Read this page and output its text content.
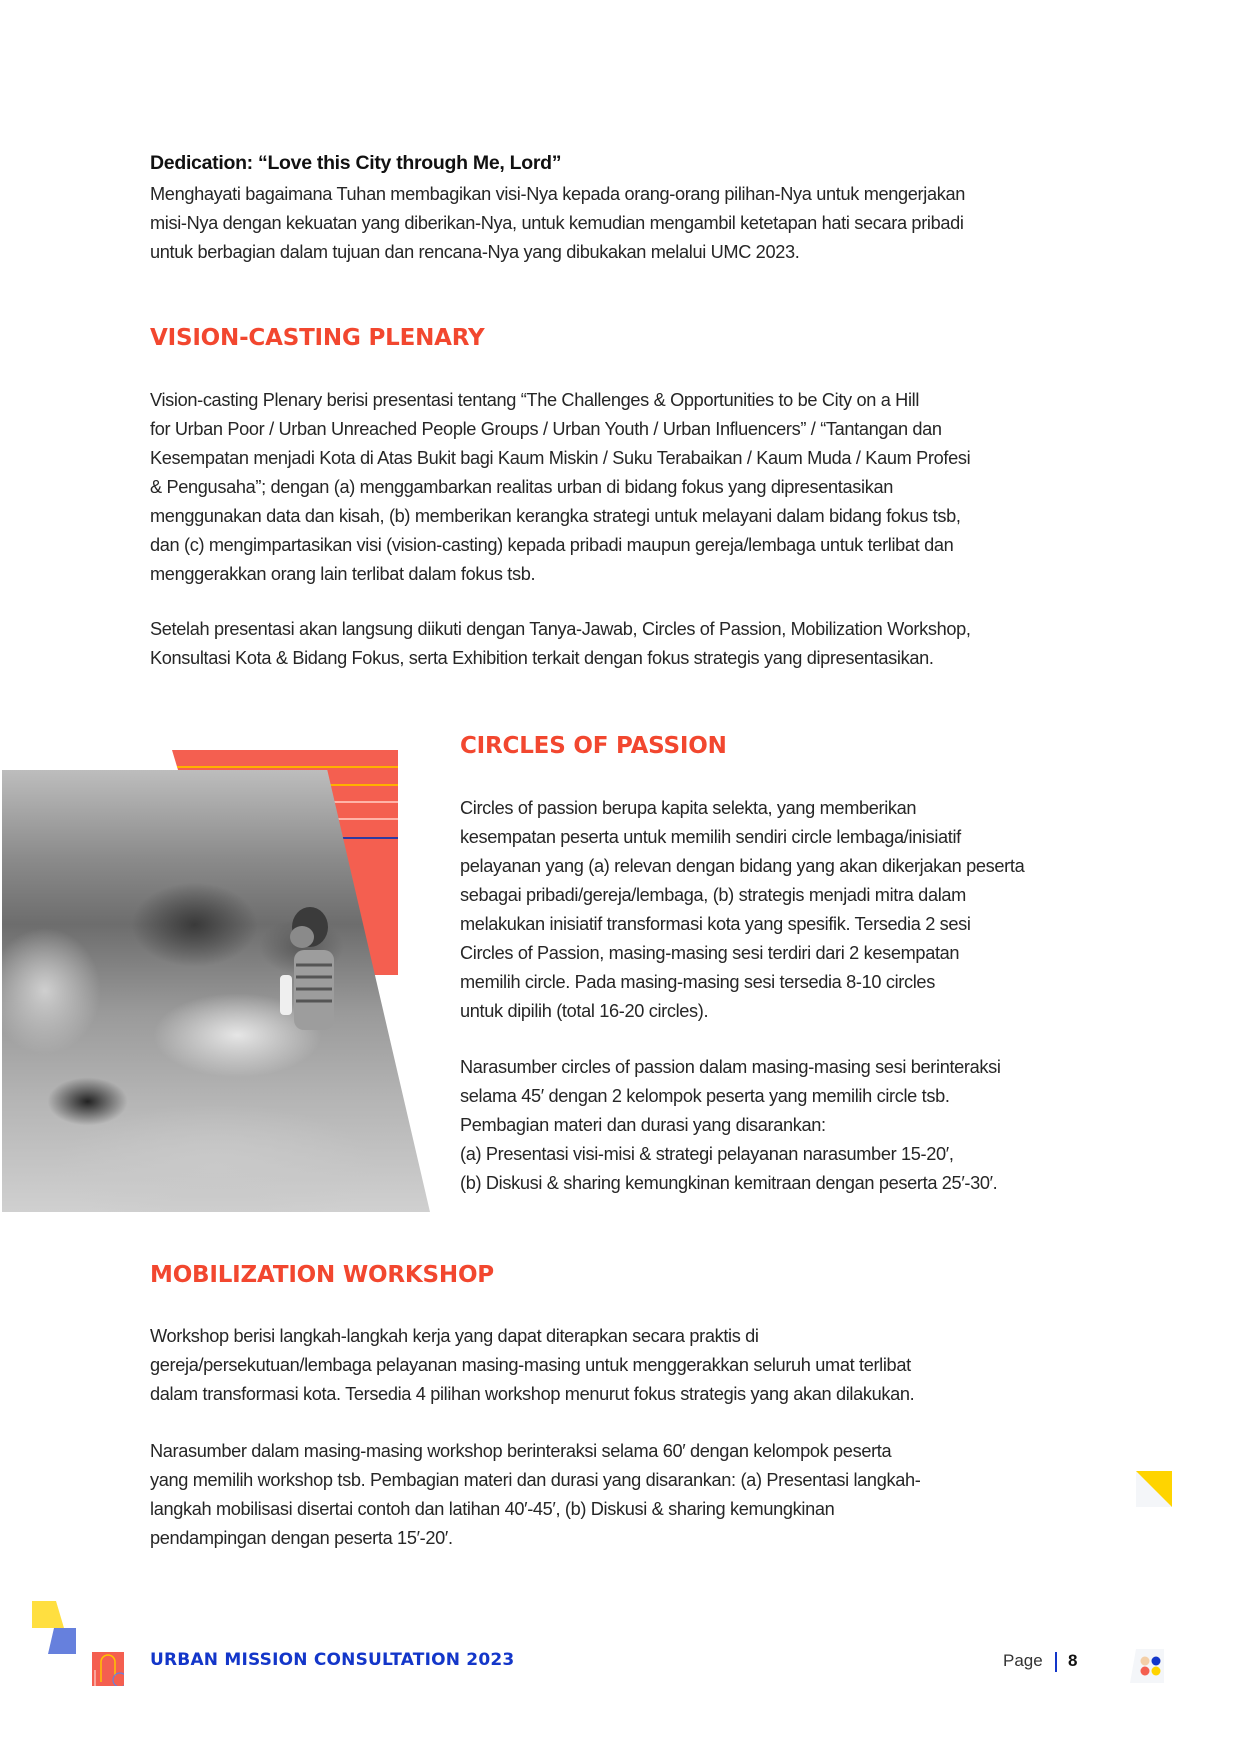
Dedication: “Love this City through Me, Lord”

Menghayati bagaimana Tuhan membagikan visi-Nya kepada orang-orang pilihan-Nya untuk mengerjakan
misi-Nya dengan kekuatan yang diberikan-Nya, untuk kemudian mengambil ketetapan hati secara pribadi
untuk berbagian dalam tujuan dan rencana-Nya yang dibukakan melalui UMC 2023.

VISION-CASTING PLENARY

Vision-casting Plenary berisi presentasi tentang “The Challenges & Opportunities to be City on a Hill
for Urban Poor / Urban Unreached People Groups / Urban Youth / Urban Influencers” / “Tantangan dan
Kesempatan menjadi Kota di Atas Bukit bagi Kaum Miskin / Suku Terabaikan / Kaum Muda / Kaum Profesi
& Pengusaha”; dengan (a) menggambarkan realitas urban di bidang fokus yang dipresentasikan
menggunakan data dan kisah, (b) memberikan kerangka strategi untuk melayani dalam bidang fokus tsb,
dan (c) mengimpartasikan visi (vision-casting) kepada pribadi maupun gereja/lembaga untuk terlibat dan
menggerakkan orang lain terlibat dalam fokus tsb.

Setelah presentasi akan langsung diikuti dengan Tanya-Jawab, Circles of Passion, Mobilization Workshop,
Konsultasi Kota & Bidang Fokus, serta Exhibition terkait dengan fokus strategis yang dipresentasikan.

CIRCLES OF PASSION

Circles of passion berupa kapita selekta, yang memberikan
kesempatan peserta untuk memilih sendiri circle lembaga/inisiatif
pelayanan yang (a) relevan dengan bidang yang akan dikerjakan peserta
sebagai pribadi/gereja/lembaga, (b) strategis menjadi mitra dalam
melakukan inisiatif transformasi kota yang spesifik. Tersedia 2 sesi
Circles of Passion, masing-masing sesi terdiri dari 2 kesempatan
memilih circle. Pada masing-masing sesi tersedia 8-10 circles
untuk dipilih (total 16-20 circles).

Narasumber circles of passion dalam masing-masing sesi berinteraksi
selama 45′ dengan 2 kelompok peserta yang memilih circle tsb.
Pembagian materi dan durasi yang disarankan:
(a) Presentasi visi-misi & strategi pelayanan narasumber 15-20′,
(b) Diskusi & sharing kemungkinan kemitraan dengan peserta 25′-30′.

MOBILIZATION WORKSHOP

Workshop berisi langkah-langkah kerja yang dapat diterapkan secara praktis di
gereja/persekutuan/lembaga pelayanan masing-masing untuk menggerakkan seluruh umat terlibat
dalam transformasi kota. Tersedia 4 pilihan workshop menurut fokus strategis yang akan dilakukan.

Narasumber dalam masing-masing workshop berinteraksi selama 60′ dengan kelompok peserta
yang memilih workshop tsb. Pembagian materi dan durasi yang disarankan: (a) Presentasi langkah-
langkah mobilisasi disertai contoh dan latihan 40′-45′, (b) Diskusi & sharing kemungkinan
pendampingan dengan peserta 15′-20′.

URBAN MISSION CONSULTATION 2023	Page 8
